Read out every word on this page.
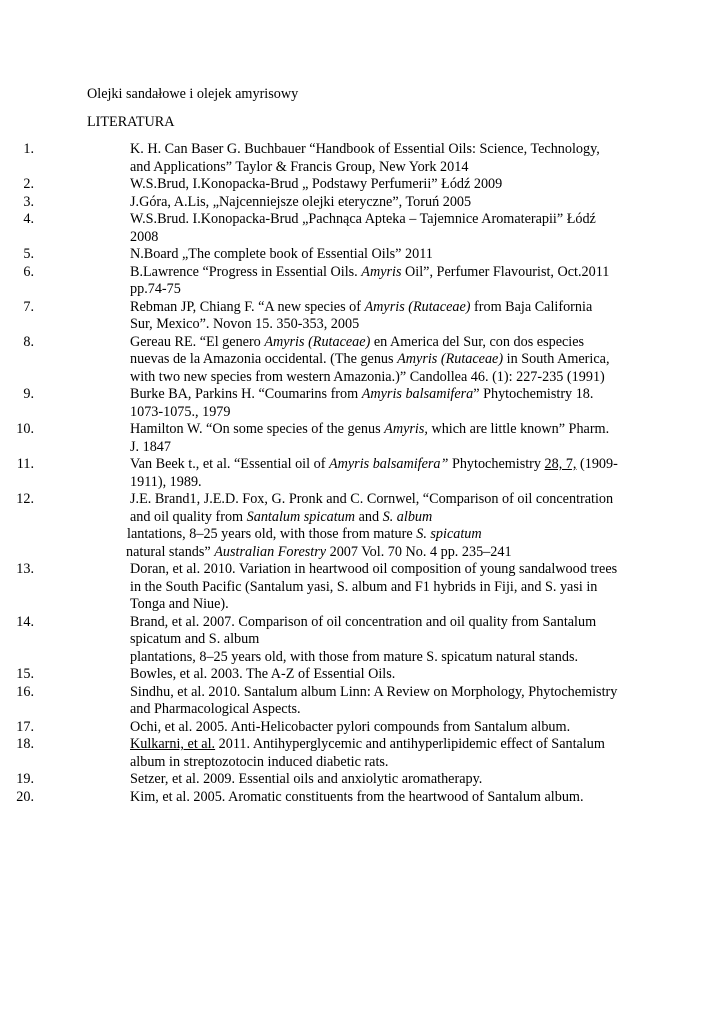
Olejki sandałowe i olejek amyrisowy

LITERATURA

1.	K. H. Can Baser G. Buchbauer “Handbook of Essential Oils: Science, Technology,
and Applications” Taylor & Francis Group, New York 2014
2.	W.S.Brud, I.Konopacka-Brud „ Podstawy Perfumerii” Łódź 2009
3.	J.Góra, A.Lis, „Najcenniejsze olejki eteryczne”, Toruń 2005
4.	W.S.Brud. I.Konopacka-Brud „Pachnąca Apteka – Tajemnice Aromaterapii” Łódź
2008
5.	N.Board „The complete book of Essential Oils” 2011
6.	B.Lawrence “Progress in Essential Oils. Amyris Oil”, Perfumer Flavourist, Oct.2011
pp.74-75
7.	Rebman JP, Chiang F. “A new species of Amyris (Rutaceae) from Baja California
Sur, Mexico”. Novon 15. 350-353, 2005
8.	Gereau RE. “El genero Amyris (Rutaceae) en America del Sur, con dos especies
nuevas de la Amazonia occidental. (The genus Amyris (Rutaceae) in South America,
with two new species from western Amazonia.)” Candollea 46. (1): 227-235 (1991)
9.	Burke BA, Parkins H. “Coumarins from Amyris balsamifera” Phytochemistry 18.
1073-1075., 1979
10.	Hamilton W. “On some species of the genus Amyris, which are little known” Pharm.
J. 1847
11.	Van Beek t., et al. “Essential oil of Amyris balsamifera” Phytochemistry 28, 7, (1909-
1911), 1989.
12.	J.E. Brand1, J.E.D. Fox, G. Pronk and C. Cornwel, “Comparison of oil concentration
and oil quality from Santalum spicatum and S. album
lantations, 8–25 years old, with those from mature S. spicatum
natural stands” Australian Forestry 2007 Vol. 70 No. 4 pp. 235–241
13.	Doran, et al. 2010. Variation in heartwood oil composition of young sandalwood trees
in the South Pacific (Santalum yasi, S. album and F1 hybrids in Fiji, and S. yasi in
Tonga and Niue).
14.	Brand, et al. 2007. Comparison of oil concentration and oil quality from Santalum
spicatum and S. album
plantations, 8–25 years old, with those from mature S. spicatum natural stands.
15.	Bowles, et al. 2003. The A-Z of Essential Oils.
16.	Sindhu, et al. 2010. Santalum album Linn: A Review on Morphology, Phytochemistry
and Pharmacological Aspects.
17.	Ochi, et al. 2005. Anti-Helicobacter pylori compounds from Santalum album.
18.	Kulkarni, et al. 2011. Antihyperglycemic and antihyperlipidemic effect of Santalum
album in streptozotocin induced diabetic rats.
19.	Setzer, et al. 2009. Essential oils and anxiolytic aromatherapy.
20.	Kim, et al. 2005. Aromatic constituents from the heartwood of Santalum album.
